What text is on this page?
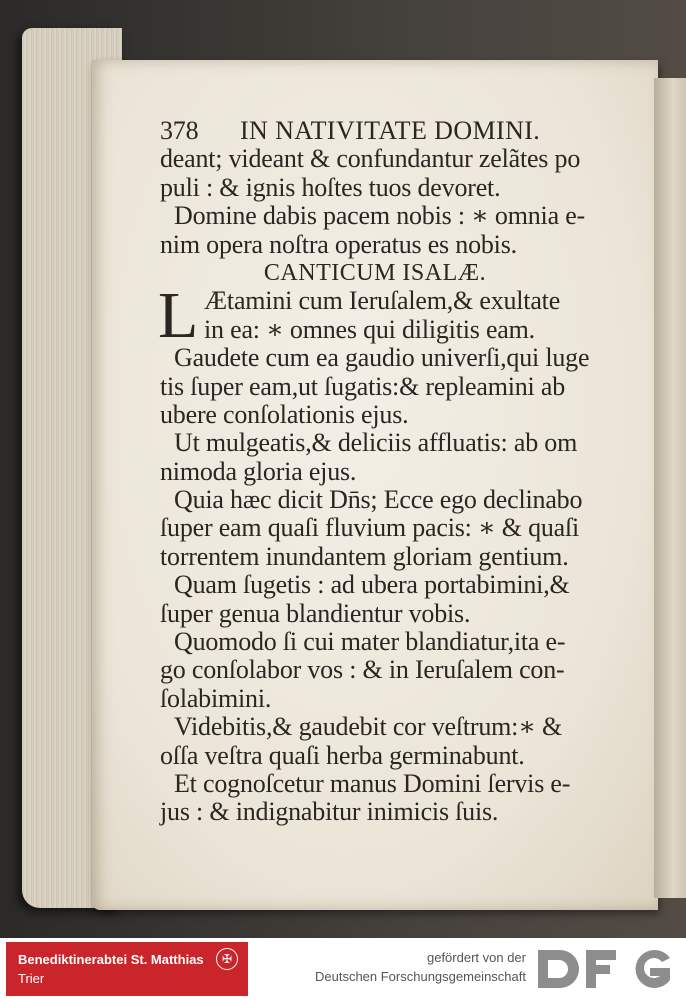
378 IN NATIVITATE DOMINI.
deant; videant & confundantur zelãtes po
puli : & ignis hoſtes tuos devoret.
Domine dabis pacem nobis : ∗ omnia e-
nim opera noſtra operatus es nobis.
CANTICUM ISALÆ.
L Ætamini cum Ieruſalem,& exultate
in ea: ∗ omnes qui diligitis eam.
Gaudete cum ea gaudio univerſi,qui luge
tis ſuper eam,ut ſugatis:& repleamini ab
ubere conſolationis ejus.
Ut mulgeatis,& deliciis affluatis: ab om
nimoda gloria ejus.
Quia hæc dicit Dn̄s; Ecce ego declinabo
ſuper eam quaſi fluvium pacis: ∗ & quaſi
torrentem inundantem gloriam gentium.
Quam ſugetis : ad ubera portabimini,&
ſuper genua blandientur vobis.
Quomodo ſi cui mater blandiatur,ita e-
go conſolabor vos : & in Ieruſalem con-
ſolabimini.
Videbitis,& gaudebit cor veſtrum:∗ &
oſſa veſtra quaſi herba germinabunt.
Et cognoſcetur manus Domini ſervis e-
jus : & indignabitur inimicis ſuis.
Benediktinerabtei St. Matthias
Trier
✠	gefördert von der
Deutschen Forschungsgemeinschaft
